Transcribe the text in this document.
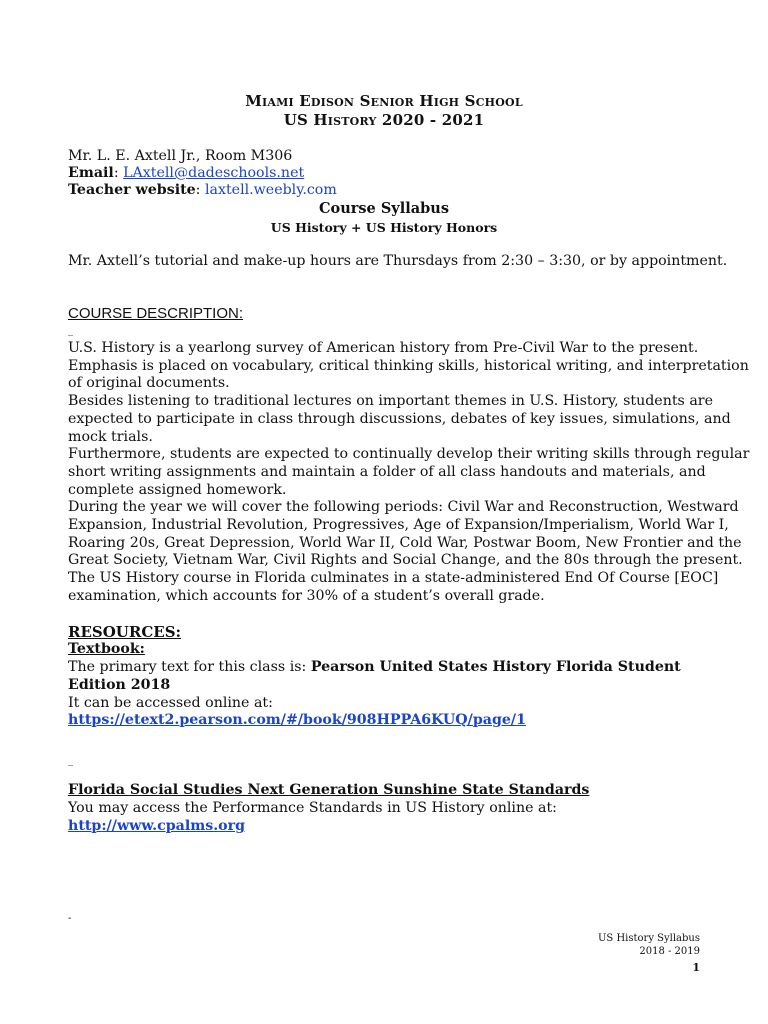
Miami Edison Senior High School
US History 2020 - 2021
Mr. L. E. Axtell Jr., Room M306
Email: LAxtell@dadeschools.net
Teacher website: laxtell.weebly.com
Course Syllabus
US History + US History Honors
Mr. Axtell’s tutorial and make-up hours are Thursdays from 2:30 – 3:30, or by appointment.
COURSE DESCRIPTION:
_
U.S. History is a yearlong survey of American history from Pre-Civil War to the present.
Emphasis is placed on vocabulary, critical thinking skills, historical writing, and interpretation
of original documents.
Besides listening to traditional lectures on important themes in U.S. History, students are
expected to participate in class through discussions, debates of key issues, simulations, and
mock trials.
Furthermore, students are expected to continually develop their writing skills through regular
short writing assignments and maintain a folder of all class handouts and materials, and
complete assigned homework.
During the year we will cover the following periods: Civil War and Reconstruction, Westward
Expansion, Industrial Revolution, Progressives, Age of Expansion/Imperialism, World War I,
Roaring 20s, Great Depression, World War II, Cold War, Postwar Boom, New Frontier and the
Great Society, Vietnam War, Civil Rights and Social Change, and the 80s through the present.
The US History course in Florida culminates in a state-administered End Of Course [EOC]
examination, which accounts for 30% of a student’s overall grade.
RESOURCES:
Textbook:
The primary text for this class is: Pearson United States History Florida Student
Edition 2018
It can be accessed online at:
https://etext2.pearson.com/#/book/908HPPA6KUQ/page/1
_
Florida Social Studies Next Generation Sunshine State Standards
You may access the Performance Standards in US History online at:
http://www.cpalms.org
-
US History Syllabus
2018 - 2019
1
